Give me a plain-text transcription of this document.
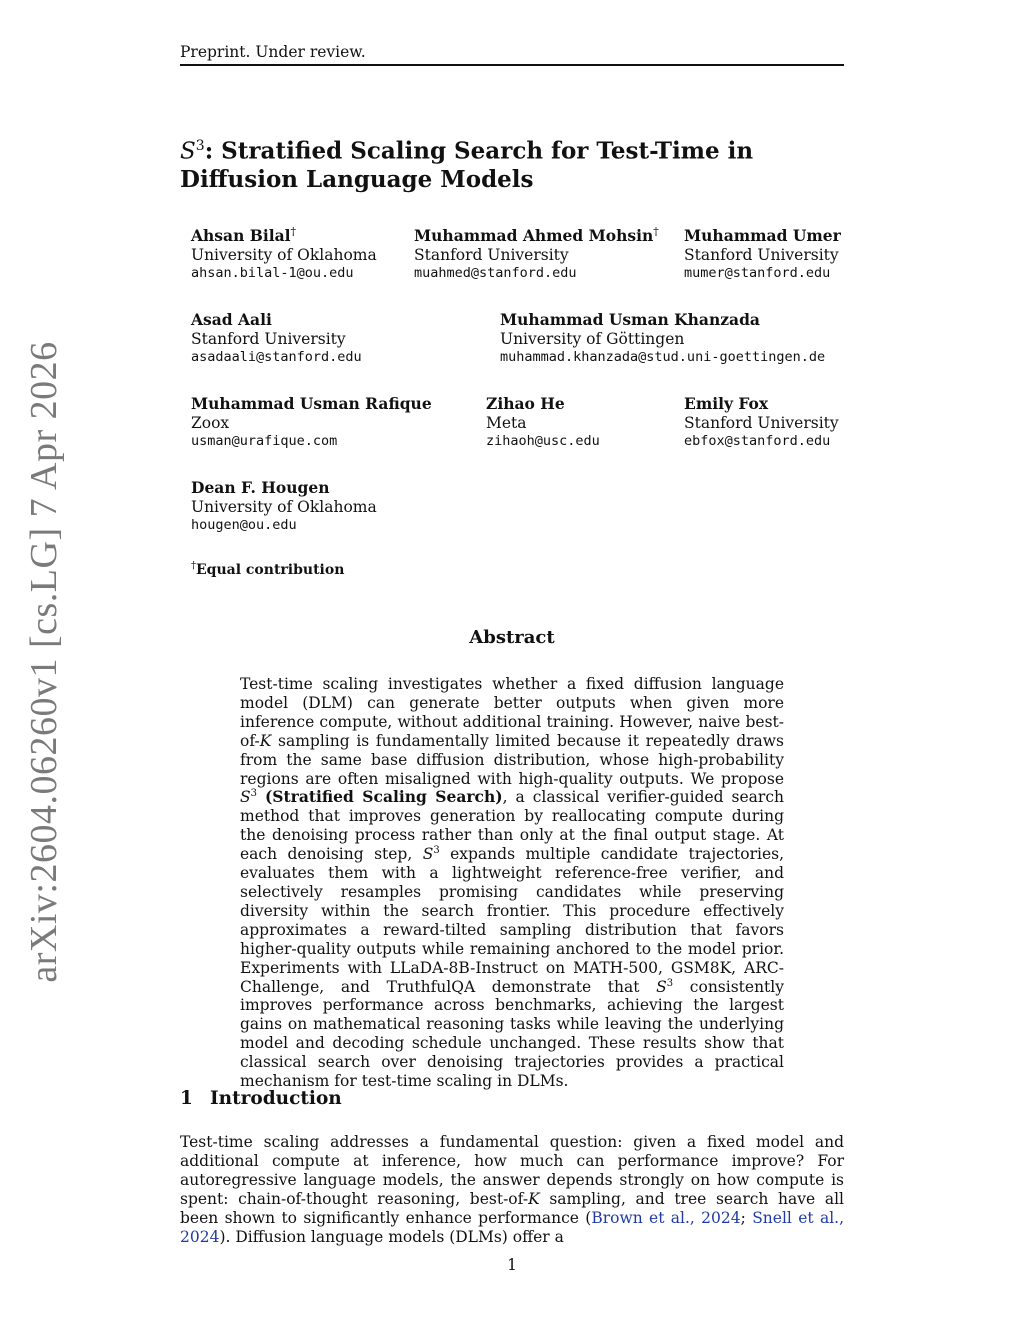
Preprint. Under review.
arXiv:2604.06260v1 [cs.LG] 7 Apr 2026
$S^3$: Stratified Scaling Search for Test-Time in Diffusion Language Models
Ahsan Bilal†
University of Oklahoma
ahsan.bilal-1@ou.edu
Muhammad Ahmed Mohsin†
Stanford University
muahmed@stanford.edu
Muhammad Umer
Stanford University
mumer@stanford.edu
Asad Aali
Stanford University
asadaali@stanford.edu
Muhammad Usman Khanzada
University of Göttingen
muhammad.khanzada@stud.uni-goettingen.de
Muhammad Usman Rafique
Zoox
usman@urafique.com
Zihao He
Meta
zihaoh@usc.edu
Emily Fox
Stanford University
ebfox@stanford.edu
Dean F. Hougen
University of Oklahoma
hougen@ou.edu
†Equal contribution
Abstract

Test-time scaling investigates whether a fixed diffusion language model (DLM) can generate better outputs when given more inference compute, without additional training. However, naive best-of-K sampling is fundamentally limited because it repeatedly draws from the same base diffusion distribution, whose high-probability regions are often misaligned with high-quality outputs. We propose $S^3$ (Stratified Scaling Search), a classical verifier-guided search method that improves generation by reallocating compute during the denoising process rather than only at the final output stage. At each denoising step, $S^3$ expands multiple candidate trajectories, evaluates them with a lightweight reference-free verifier, and selectively resamples promising candidates while preserving diversity within the search frontier. This procedure effectively approximates a reward-tilted sampling distribution that favors higher-quality outputs while remaining anchored to the model prior. Experiments with LLaDA-8B-Instruct on MATH-500, GSM8K, ARC-Challenge, and TruthfulQA demonstrate that $S^3$ consistently improves performance across benchmarks, achieving the largest gains on mathematical reasoning tasks while leaving the underlying model and decoding schedule unchanged. These results show that classical search over denoising trajectories provides a practical mechanism for test-time scaling in DLMs.

1 Introduction

Test-time scaling addresses a fundamental question: given a fixed model and additional compute at inference, how much can performance improve? For autoregressive language models, the answer depends strongly on how compute is spent: chain-of-thought reasoning, best-of-K sampling, and tree search have all been shown to significantly enhance performance (Brown et al., 2024; Snell et al., 2024). Diffusion language models (DLMs) offer a

1
